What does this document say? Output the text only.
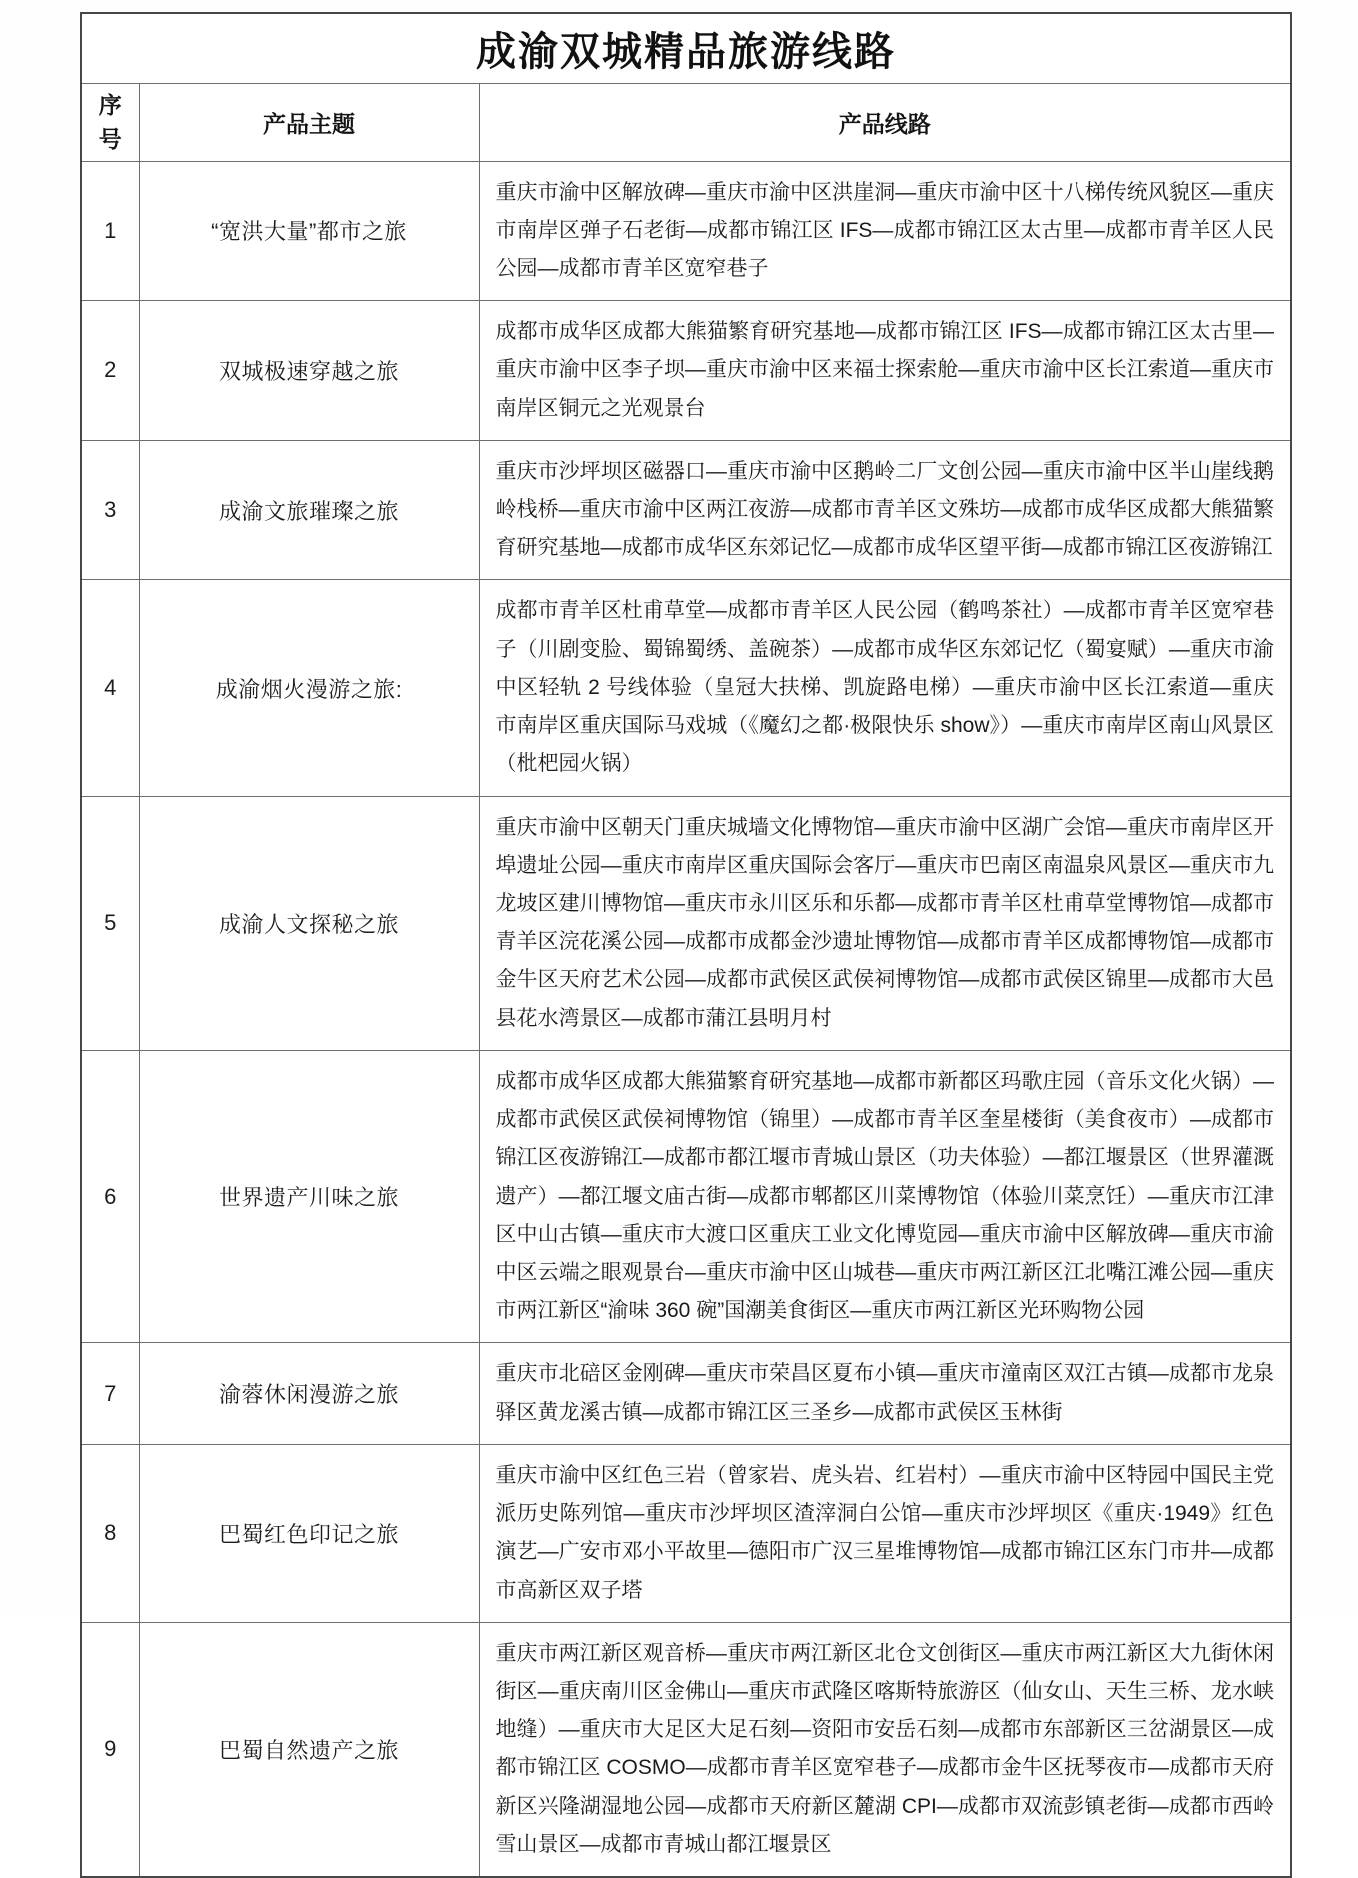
成渝双城精品旅游线路		
序号	产品主题	产品线路
1	“宽洪大量”都市之旅	重庆市渝中区解放碑—重庆市渝中区洪崖洞—重庆市渝中区十八梯传统风貌区—重庆市南岸区弹子石老街—成都市锦江区 IFS—成都市锦江区太古里—成都市青羊区人民公园—成都市青羊区宽窄巷子
2	双城极速穿越之旅	成都市成华区成都大熊猫繁育研究基地—成都市锦江区 IFS—成都市锦江区太古里—重庆市渝中区李子坝—重庆市渝中区来福士探索舱—重庆市渝中区长江索道—重庆市南岸区铜元之光观景台
3	成渝文旅璀璨之旅	重庆市沙坪坝区磁器口—重庆市渝中区鹅岭二厂文创公园—重庆市渝中区半山崖线鹅岭栈桥—重庆市渝中区两江夜游—成都市青羊区文殊坊—成都市成华区成都大熊猫繁育研究基地—成都市成华区东郊记忆—成都市成华区望平街—成都市锦江区夜游锦江
4	成渝烟火漫游之旅:	成都市青羊区杜甫草堂—成都市青羊区人民公园（鹤鸣茶社）—成都市青羊区宽窄巷子（川剧变脸、蜀锦蜀绣、盖碗茶）—成都市成华区东郊记忆（蜀宴赋）—重庆市渝中区轻轨 2 号线体验（皇冠大扶梯、凯旋路电梯）—重庆市渝中区长江索道—重庆市南岸区重庆国际马戏城（《魔幻之都·极限快乐 show》）—重庆市南岸区南山风景区（枇杷园火锅）
5	成渝人文探秘之旅	重庆市渝中区朝天门重庆城墙文化博物馆—重庆市渝中区湖广会馆—重庆市南岸区开埠遗址公园—重庆市南岸区重庆国际会客厅—重庆市巴南区南温泉风景区—重庆市九龙坡区建川博物馆—重庆市永川区乐和乐都—成都市青羊区杜甫草堂博物馆—成都市青羊区浣花溪公园—成都市成都金沙遗址博物馆—成都市青羊区成都博物馆—成都市金牛区天府艺术公园—成都市武侯区武侯祠博物馆—成都市武侯区锦里—成都市大邑县花水湾景区—成都市蒲江县明月村
6	世界遗产川味之旅	成都市成华区成都大熊猫繁育研究基地—成都市新都区玛歌庄园（音乐文化火锅）—成都市武侯区武侯祠博物馆（锦里）—成都市青羊区奎星楼街（美食夜市）—成都市锦江区夜游锦江—成都市都江堰市青城山景区（功夫体验）—都江堰景区（世界灌溉遗产）—都江堰文庙古街—成都市郫都区川菜博物馆（体验川菜烹饪）—重庆市江津区中山古镇—重庆市大渡口区重庆工业文化博览园—重庆市渝中区解放碑—重庆市渝中区云端之眼观景台—重庆市渝中区山城巷—重庆市两江新区江北嘴江滩公园—重庆市两江新区“渝味 360 碗”国潮美食街区—重庆市两江新区光环购物公园
7	渝蓉休闲漫游之旅	重庆市北碚区金刚碑—重庆市荣昌区夏布小镇—重庆市潼南区双江古镇—成都市龙泉驿区黄龙溪古镇—成都市锦江区三圣乡—成都市武侯区玉林街
8	巴蜀红色印记之旅	重庆市渝中区红色三岩（曾家岩、虎头岩、红岩村）—重庆市渝中区特园中国民主党派历史陈列馆—重庆市沙坪坝区渣滓洞白公馆—重庆市沙坪坝区《重庆·1949》红色演艺—广安市邓小平故里—德阳市广汉三星堆博物馆—成都市锦江区东门市井—成都市高新区双子塔
9	巴蜀自然遗产之旅	重庆市两江新区观音桥—重庆市两江新区北仓文创街区—重庆市两江新区大九街休闲街区—重庆南川区金佛山—重庆市武隆区喀斯特旅游区（仙女山、天生三桥、龙水峡地缝）—重庆市大足区大足石刻—资阳市安岳石刻—成都市东部新区三岔湖景区—成都市锦江区 COSMO—成都市青羊区宽窄巷子—成都市金牛区抚琴夜市—成都市天府新区兴隆湖湿地公园—成都市天府新区麓湖 CPI—成都市双流彭镇老街—成都市西岭雪山景区—成都市青城山都江堰景区
